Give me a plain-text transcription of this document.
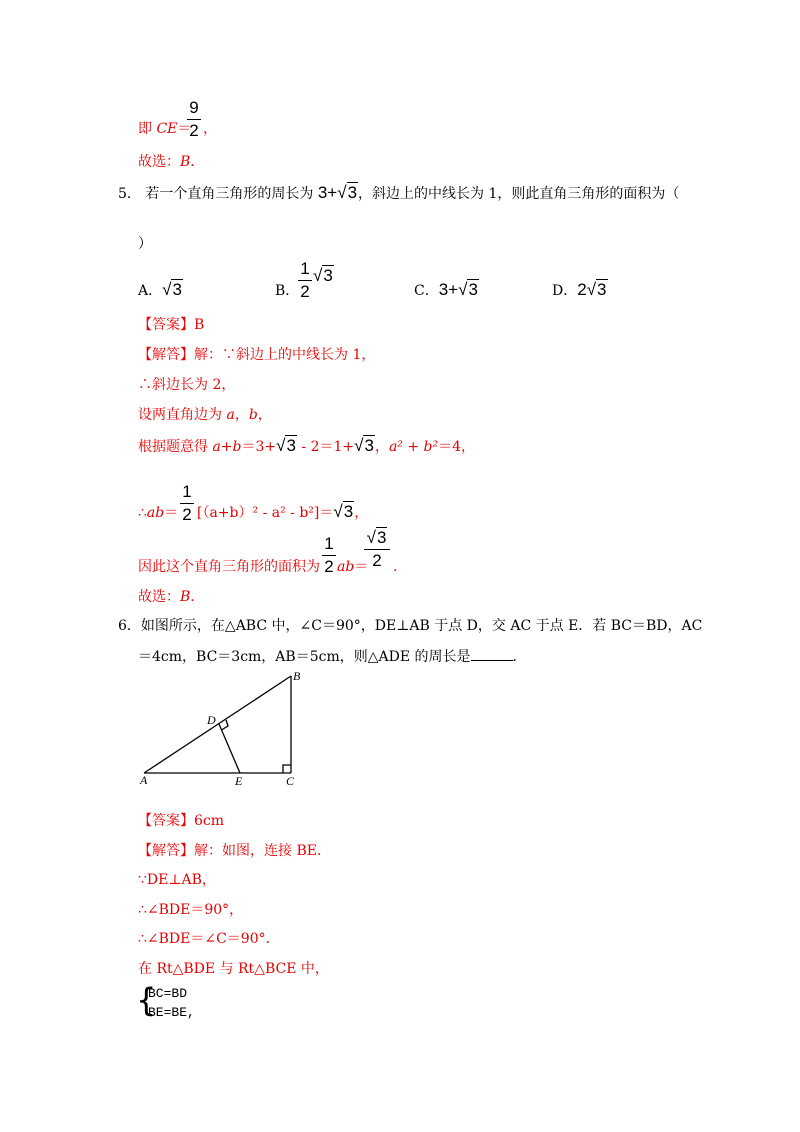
即 CE＝
9
2 ，
故选：B．
5． 若一个直角三角形的周长为 3+√3，斜边上的中线长为 1，则此直角三角形的面积为（
）
A．√3	B．
1
2
√3
C．3+√3	D．2√3
【答案】B
【解答】解：∵斜边上的中线长为 1，
∴斜边长为 2，
设两直角边为 a，b，
根据题意得 a+b＝3+√3 - 2＝1+√3，a² + b²＝4，
∴ab＝
1
2 [（a+b）² - a² - b²]＝√3，
因此这个直角三角形的面积为
1
2 ab＝
√3
2 ．
故选：B．
6．如图所示，在△ABC 中，∠C＝90°，DE⊥AB 于点 D，交 AC 于点 E．若 BC＝BD，AC
＝4cm，BC＝3cm，AB＝5cm，则△ADE 的周长是	．
A
B
C
D
E
【答案】6cm
【解答】解：如图，连接 BE．
∵DE⊥AB，
∴∠BDE＝90°，
∴∠BDE＝∠C＝90°．
在 Rt△BDE 与 Rt△BCE 中，
{
BC=BD
BE=BE,
